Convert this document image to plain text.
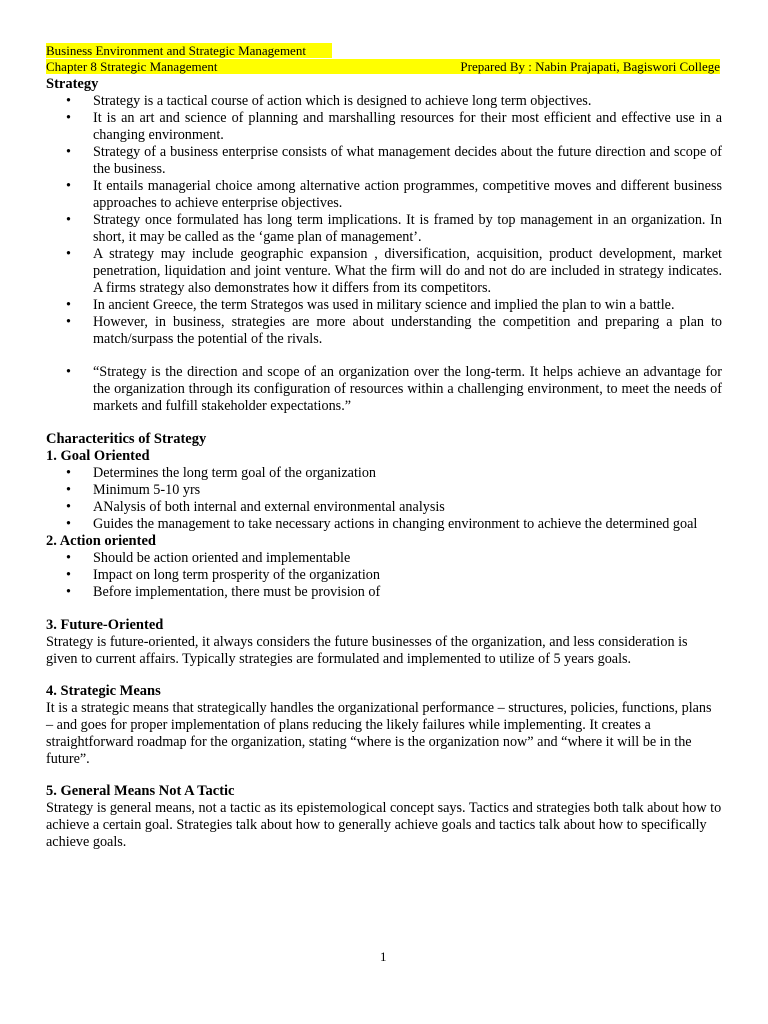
Business Environment and Strategic Management
Chapter 8 Strategic Management	Prepared By : Nabin Prajapati, Bagiswori College
Strategy
• Strategy is a tactical course of action which is designed to achieve long term objectives.
• It is an art and science of planning and marshalling resources for their most efficient and effective use in a changing environment.
• Strategy of a business enterprise consists of what management decides about the future direction and scope of the business.
• It entails managerial choice among alternative action programmes, competitive moves and different business approaches to achieve enterprise objectives.
• Strategy once formulated has long term implications. It is framed by top management in an organization. In short, it may be called as the ‘game plan of management’.
• A strategy may include geographic expansion , diversification, acquisition, product development, market penetration, liquidation and joint venture. What the firm will do and not do are included in strategy indicates. A firms strategy also demonstrates how it differs from its competitors.
• In ancient Greece, the term Strategos was used in military science and implied the plan to win a battle.
• However, in business, strategies are more about understanding the competition and preparing a plan to match/surpass the potential of the rivals.
• “Strategy is the direction and scope of an organization over the long-term. It helps achieve an advantage for the organization through its configuration of resources within a challenging environment, to meet the needs of markets and fulfill stakeholder expectations.”
Characteritics of Strategy
1. Goal Oriented
• Determines the long term goal of the organization
• Minimum 5-10 yrs
• ANalysis of both internal and external environmental analysis
• Guides the management to take necessary actions in changing environment to achieve the determined goal
2. Action oriented
• Should be action oriented and implementable
• Impact on long term prosperity of the organization
• Before implementation, there must be provision of
3. Future-Oriented

Strategy is future-oriented, it always considers the future businesses of the organization, and less consideration is given to current affairs. Typically strategies are formulated and implemented to utilize of 5 years goals.

4. Strategic Means

It is a strategic means that strategically handles the organizational performance – structures, policies, functions, plans – and goes for proper implementation of plans reducing the likely failures while implementing. It creates a straightforward roadmap for the organization, stating “where is the organization now” and “where it will be in the future”.

5. General Means Not A Tactic

Strategy is general means, not a tactic as its epistemological concept says. Tactics and strategies both talk about how to achieve a certain goal. Strategies talk about how to generally achieve goals and tactics talk about how to specifically achieve goals.

1
